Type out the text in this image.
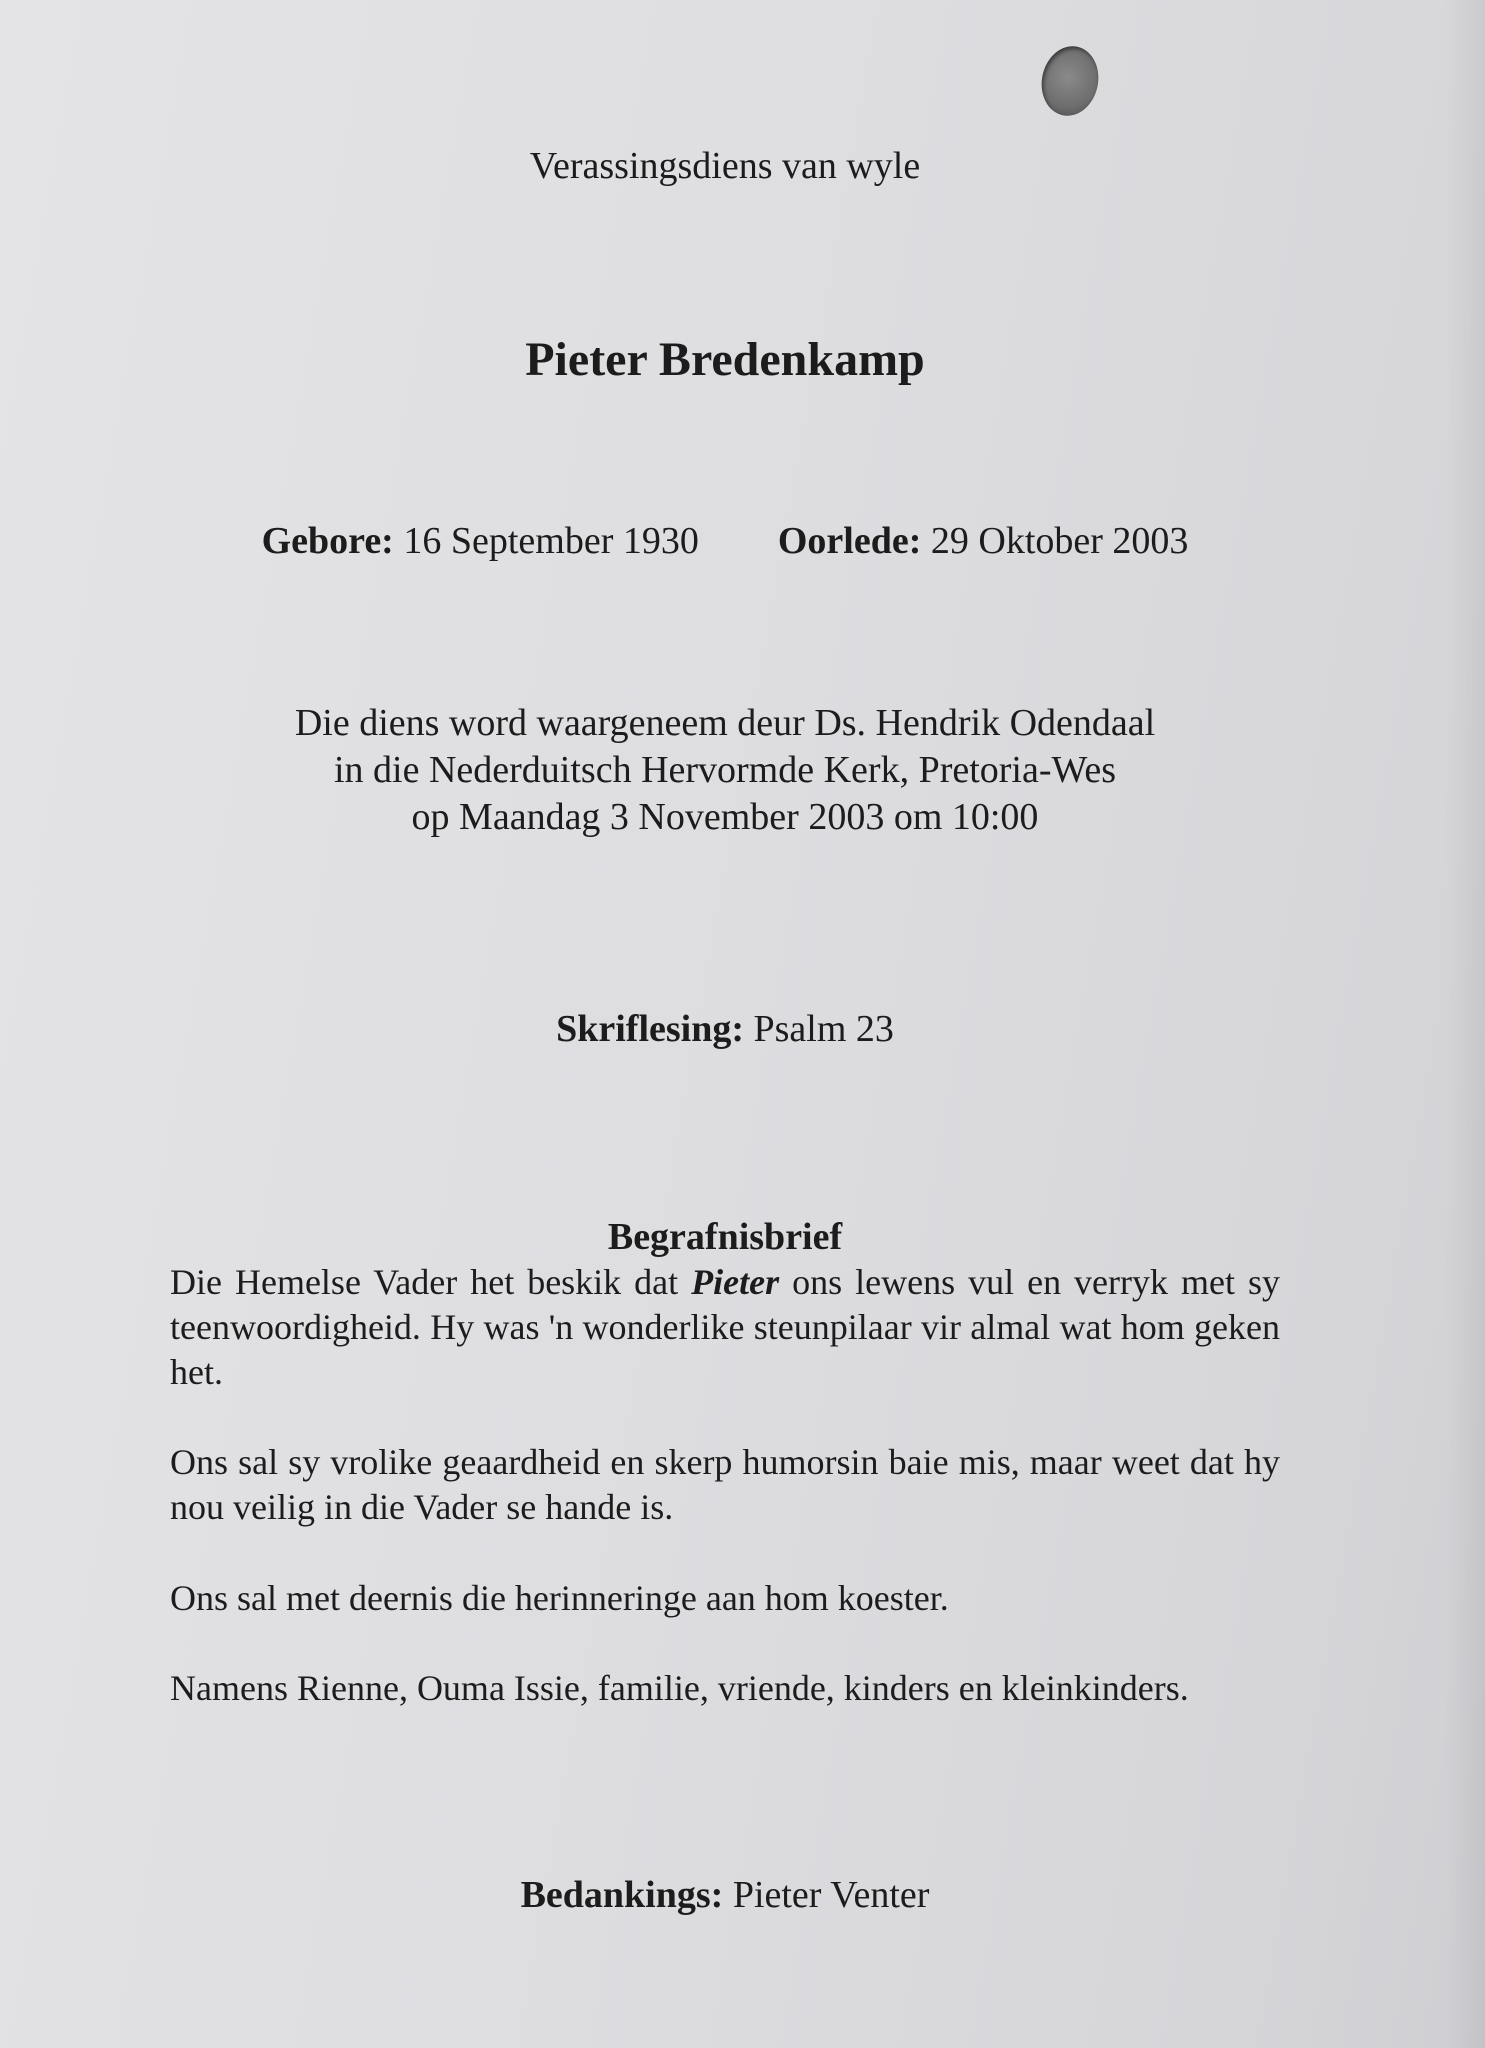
Verassingsdiens van wyle
Pieter Bredenkamp
Gebore: 16 September 1930 Oorlede: 29 Oktober 2003
Die diens word waargeneem deur Ds. Hendrik Odendaal
in die Nederduitsch Hervormde Kerk, Pretoria-Wes
op Maandag 3 November 2003 om 10:00
Skriflesing: Psalm 23
Begrafnisbrief
Die Hemelse Vader het beskik dat Pieter ons lewens vul en verryk met sy teenwoordigheid. Hy was 'n wonderlike steunpilaar vir almal wat hom geken het.
Ons sal sy vrolike geaardheid en skerp humorsin baie mis, maar weet dat hy nou veilig in die Vader se hande is.
Ons sal met deernis die herinneringe aan hom koester.
Namens Rienne, Ouma Issie, familie, vriende, kinders en kleinkinders.
Bedankings: Pieter Venter
